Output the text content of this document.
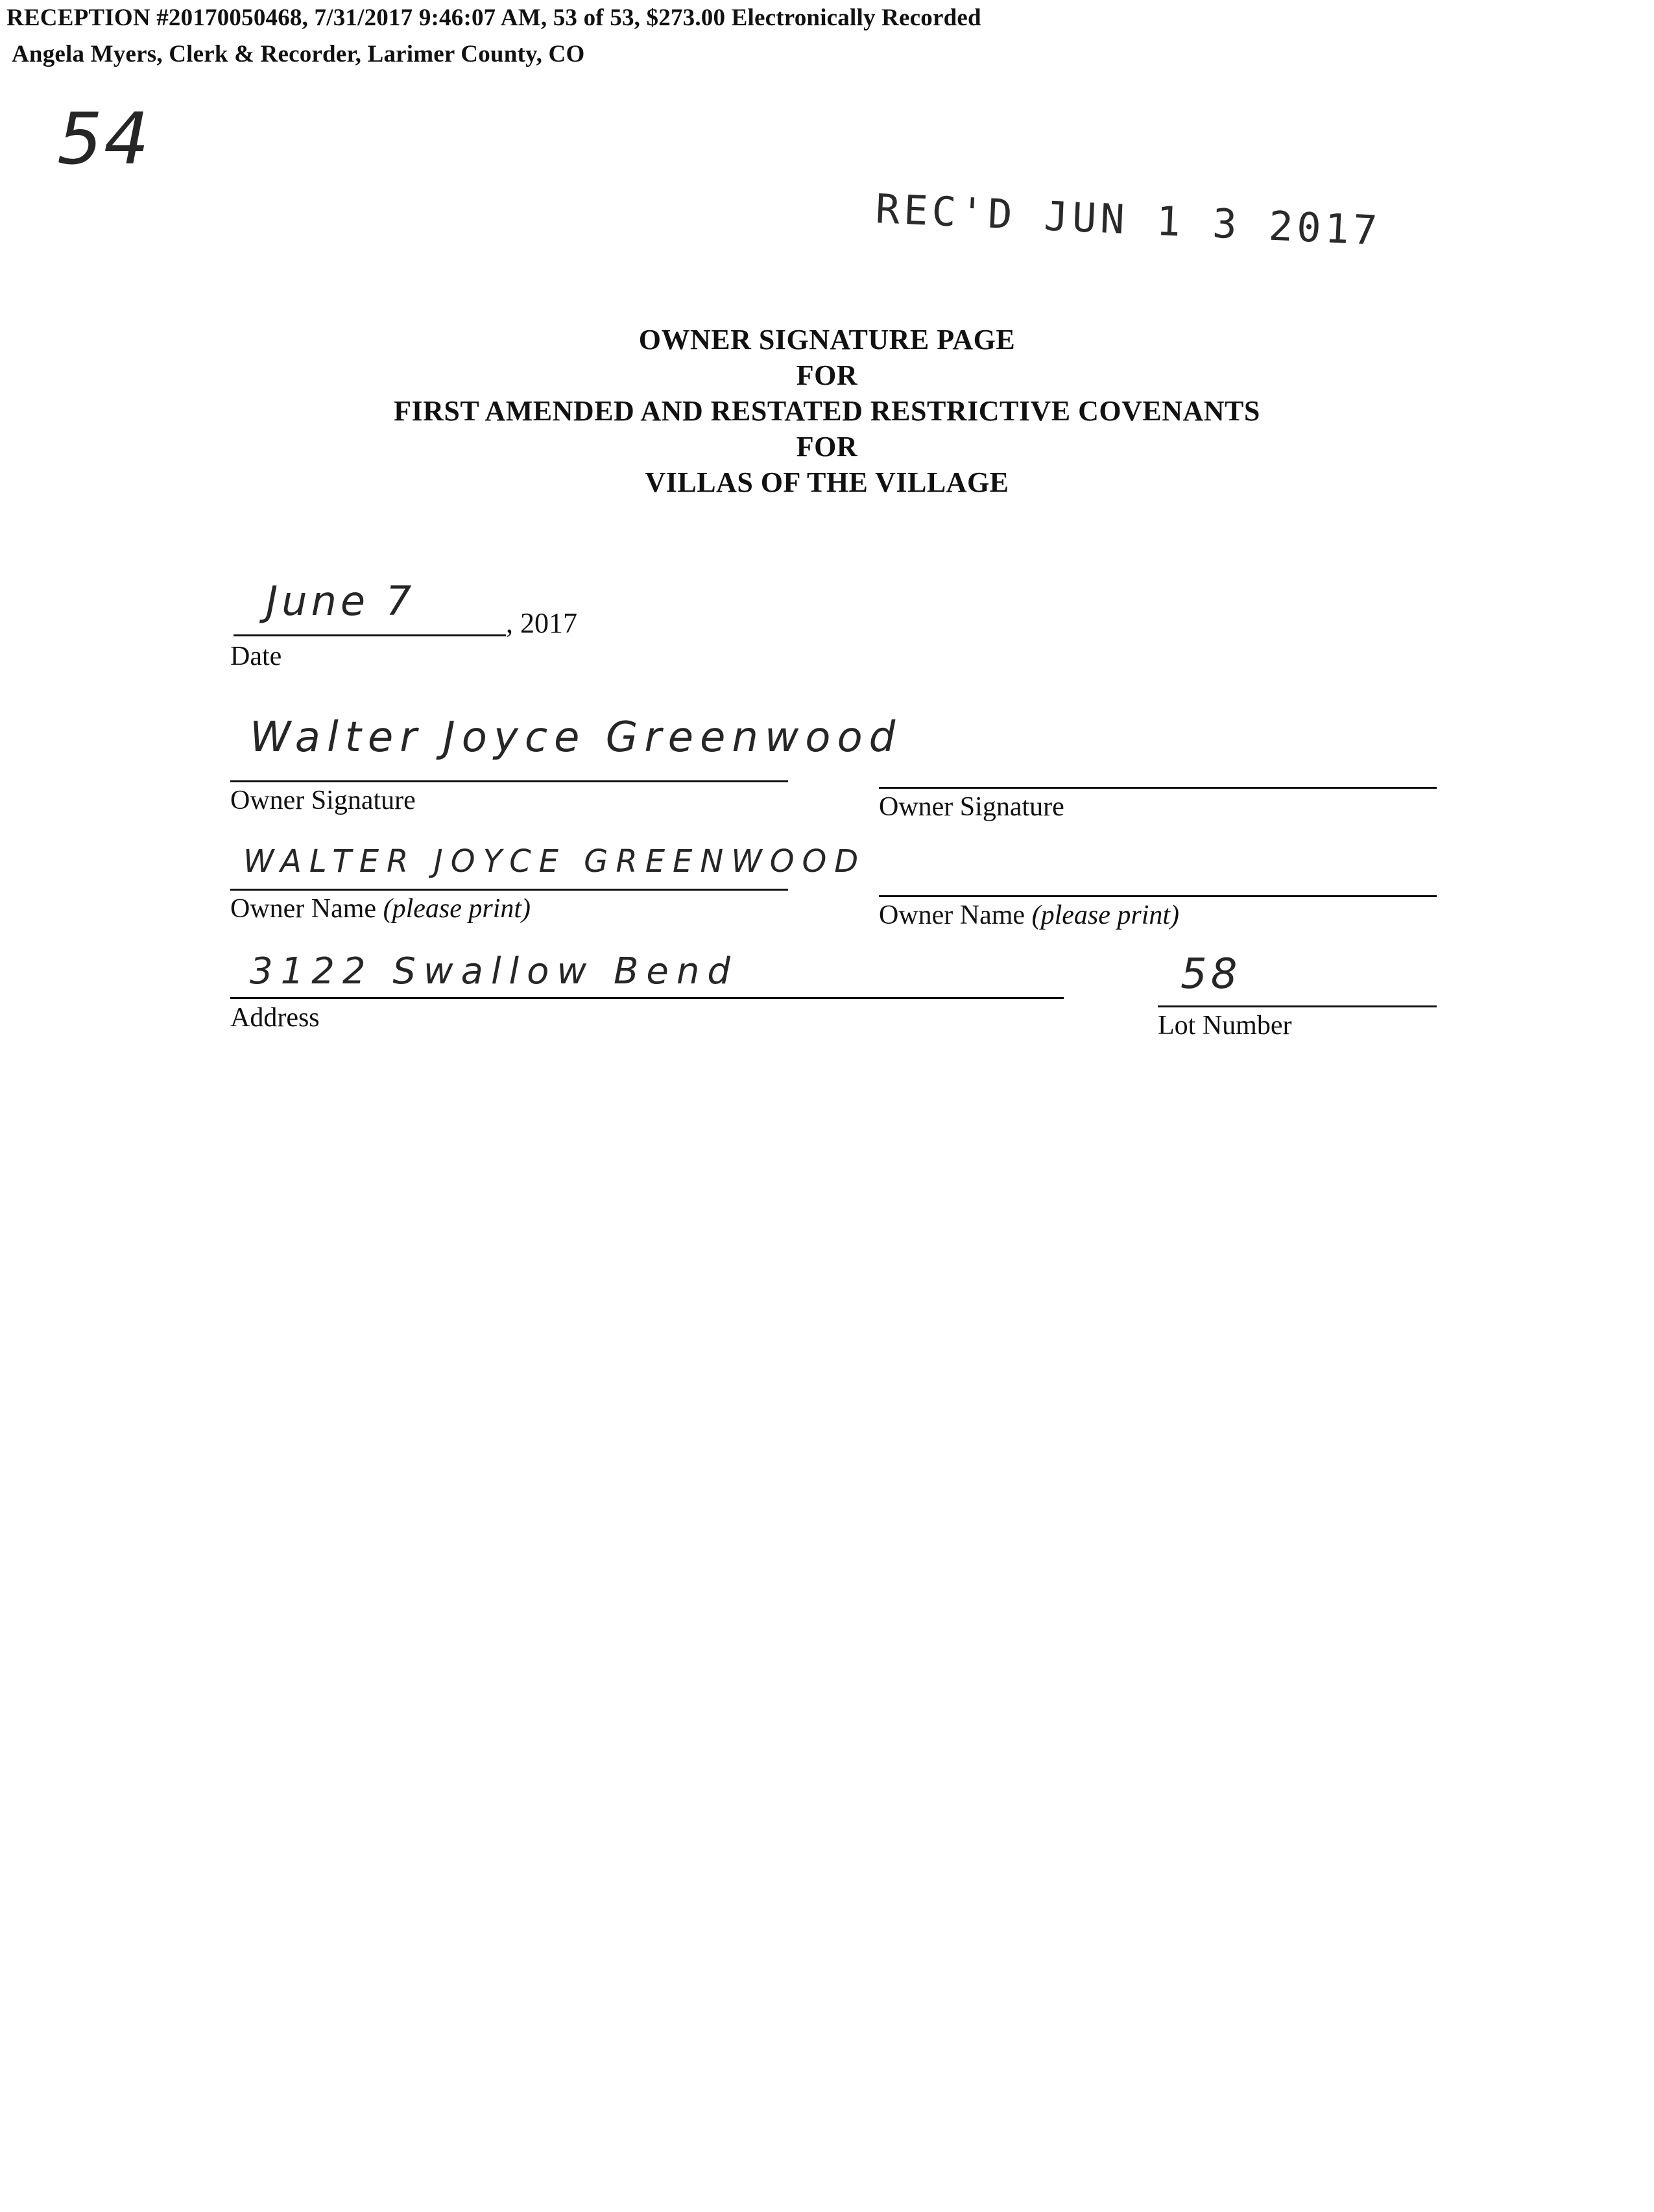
RECEPTION #20170050468, 7/31/2017 9:46:07 AM, 53 of 53, $273.00 Electronically Recorded
Angela Myers, Clerk & Recorder, Larimer County, CO
54
REC'D JUN 1 3 2017
OWNER SIGNATURE PAGE
FOR
FIRST AMENDED AND RESTATED RESTRICTIVE COVENANTS
FOR
VILLAS OF THE VILLAGE
June 7	, 2017
Date
Walter Joyce Greenwood
Owner Signature	Owner Signature
WALTER JOYCE GREENWOOD
Owner Name (please print)	Owner Name (please print)
3122 Swallow Bend
Address
58
Lot Number
